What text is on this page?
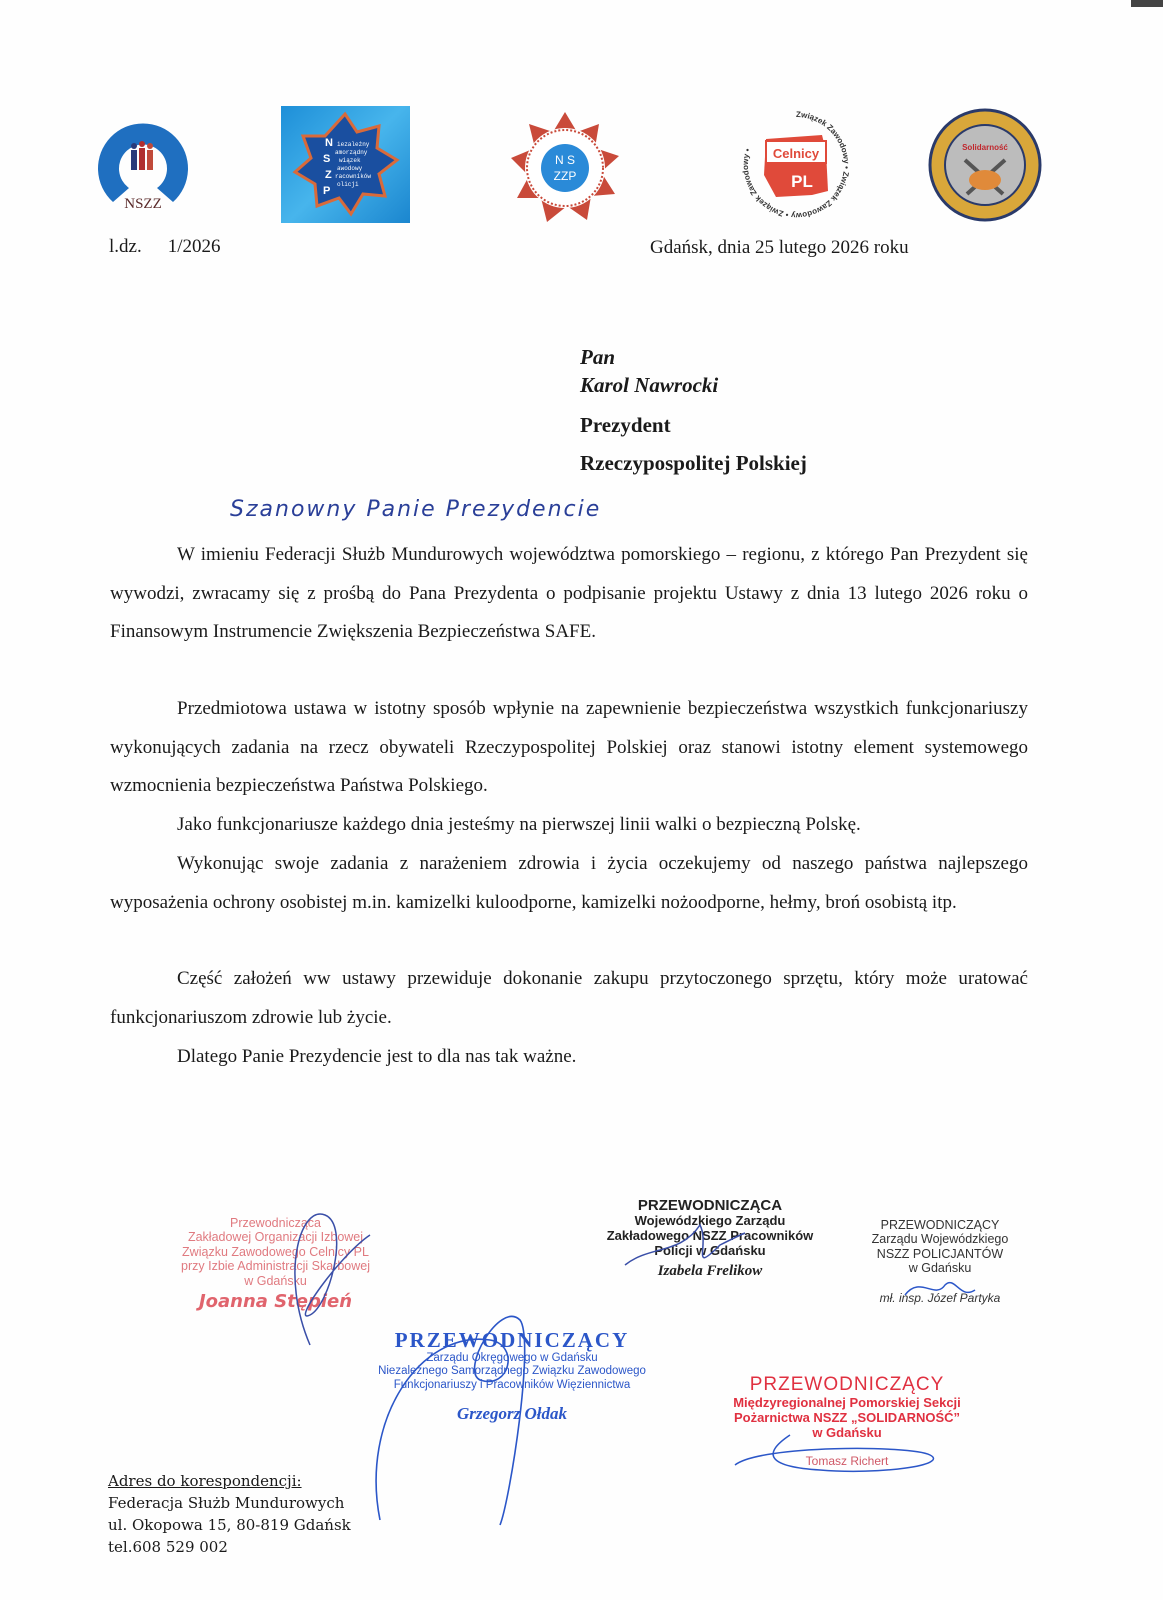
NSZZ
N
S
Z
P
iezależny
amorządny
wiązek
awodowy
racowników
olicji
N S
ZZP
Związek Zawodowy • Związek Zawodowy • Związek Zawodowy •	Celnicy
PL
Solidarność
l.dz. 1/2026	Gdańsk, dnia 25 lutego 2026 roku
Pan
Karol Nawrocki
Prezydent
Rzeczypospolitej Polskiej
Szanowny Panie Prezydencie

W imieniu Federacji Służb Mundurowych województwa pomorskiego – regionu, z którego Pan Prezydent się wywodzi, zwracamy się z prośbą do Pana Prezydenta o podpisanie projektu Ustawy z dnia 13 lutego 2026 roku o Finansowym Instrumencie Zwiększenia Bezpieczeństwa SAFE.

Przedmiotowa ustawa w istotny sposób wpłynie na zapewnienie bezpieczeństwa wszystkich funkcjonariuszy wykonujących zadania na rzecz obywateli Rzeczypospolitej Polskiej oraz stanowi istotny element systemowego wzmocnienia bezpieczeństwa Państwa Polskiego.

Jako funkcjonariusze każdego dnia jesteśmy na pierwszej linii walki o bezpieczną Polskę.

Wykonując swoje zadania z narażeniem zdrowia i życia oczekujemy od naszego państwa najlepszego wyposażenia ochrony osobistej m.in. kamizelki kuloodporne, kamizelki nożoodporne, hełmy, broń osobistą itp.

Część założeń ww ustawy przewiduje dokonanie zakupu przytoczonego sprzętu, który może uratować funkcjonariuszom zdrowie lub życie.

Dlatego Panie Prezydencie jest to dla nas tak ważne.

Przewodnicząca
Zakładowej Organizacji Izbowej
Związku Zawodowego Celnicy PL
przy Izbie Administracji Skarbowej
w Gdańsku
Joanna Stępień
PRZEWODNICZĄCA
Wojewódzkiego Zarządu
Zakładowego NSZZ Pracowników
Policji w Gdańsku
Izabela Frelikow
PRZEWODNICZĄCY
Zarządu Wojewódzkiego
NSZZ POLICJANTÓW
w Gdańsku
mł. insp. Józef Partyka
PRZEWODNICZĄCY
Zarządu Okręgowego w Gdańsku
Niezależnego Samorządnego Związku Zawodowego
Funkcjonariuszy i Pracowników Więziennictwa
Grzegorz Ołdak
PRZEWODNICZĄCY
Międzyregionalnej Pomorskiej Sekcji
Pożarnictwa NSZZ „SOLIDARNOŚĆ”
w Gdańsku
Tomasz Richert
Adres do korespondencji:
Federacja Służb Mundurowych
ul. Okopowa 15, 80-819 Gdańsk
tel.608 529 002
